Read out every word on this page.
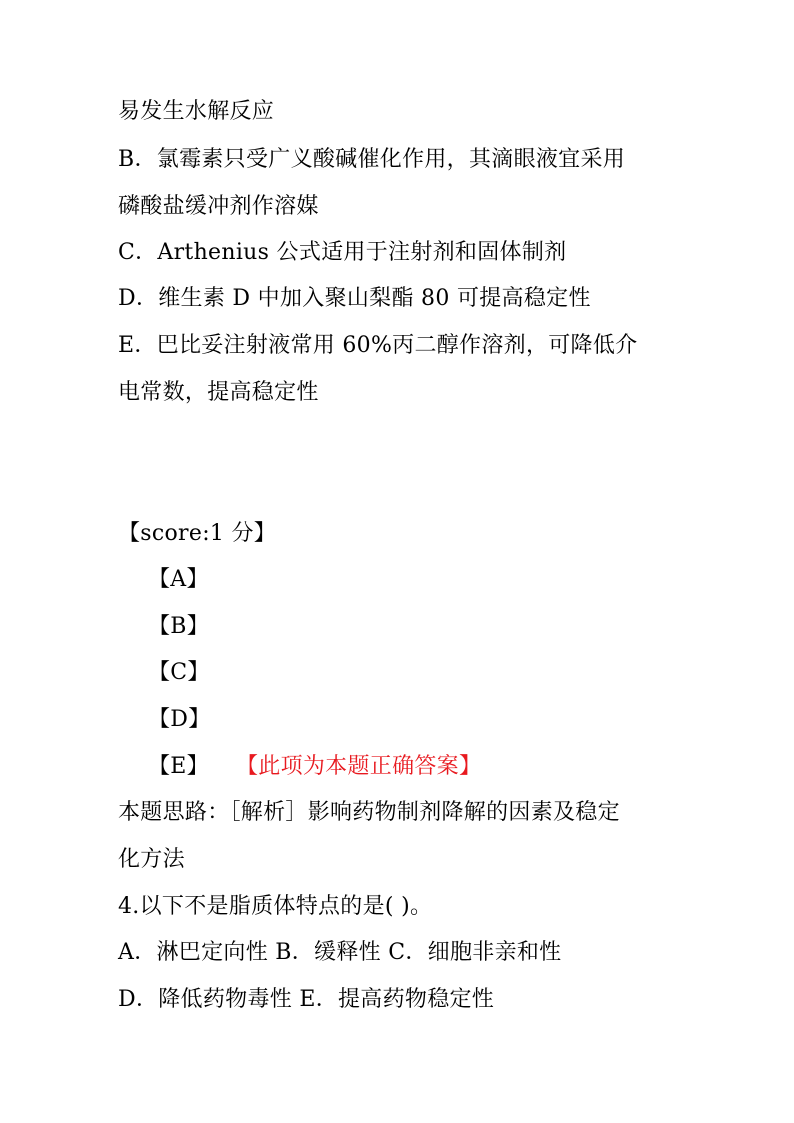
易发生水解反应
B．氯霉素只受广义酸碱催化作用，其滴眼液宜采用
磷酸盐缓冲剂作溶媒
C．Arthenius 公式适用于注射剂和固体制剂
D．维生素 D 中加入聚山梨酯 80 可提高稳定性
E．巴比妥注射液常用 60%丙二醇作溶剂，可降低介
电常数，提高稳定性
【score:1 分】
【A】
【B】
【C】
【D】
【E】 【此项为本题正确答案】
本题思路：［解析］影响药物制剂降解的因素及稳定
化方法
4.以下不是脂质体特点的是( )。
A．淋巴定向性 B．缓释性 C．细胞非亲和性
D．降低药物毒性 E．提高药物稳定性
